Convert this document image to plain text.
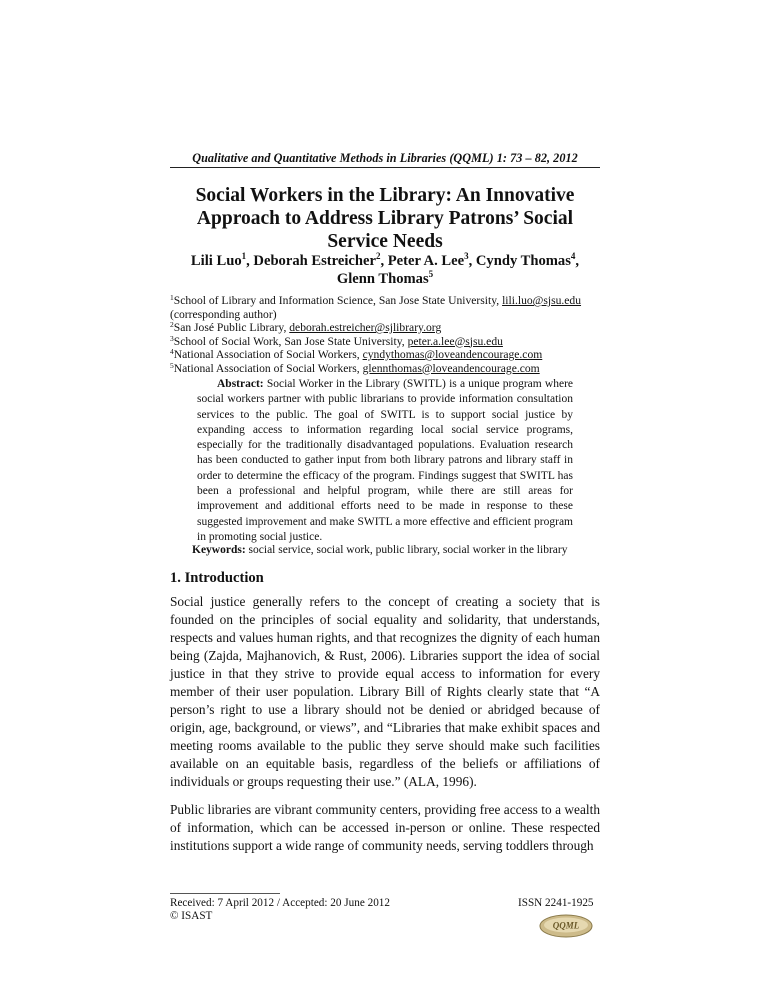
Qualitative and Quantitative Methods in Libraries (QQML) 1: 73 – 82, 2012
Social Workers in the Library: An Innovative Approach to Address Library Patrons’ Social Service Needs
Lili Luo$^1$, Deborah Estreicher$^2$, Peter A. Lee$^3$, Cyndy Thomas$^4$,
Glenn Thomas$^5$
$^1$School of Library and Information Science, San Jose State University, lili.luo@sjsu.edu
(corresponding author)
$^2$San José Public Library, deborah.estreicher@sjlibrary.org
$^3$School of Social Work, San Jose State University, peter.a.lee@sjsu.edu
$^4$National Association of Social Workers, cyndythomas@loveandencourage.com
$^5$National Association of Social Workers, glennthomas@loveandencourage.com
Abstract: Social Worker in the Library (SWITL) is a unique program where social workers partner with public librarians to provide information consultation services to the public. The goal of SWITL is to support social justice by expanding access to information regarding local social service programs, especially for the traditionally disadvantaged populations. Evaluation research has been conducted to gather input from both library patrons and library staff in order to determine the efficacy of the program. Findings suggest that SWITL has been a professional and helpful program, while there are still areas for improvement and additional efforts need to be made in response to these suggested improvement and make SWITL a more effective and efficient program in promoting social justice.
Keywords: social service, social work, public library, social worker in the library
1. Introduction
Social justice generally refers to the concept of creating a society that is founded on the principles of social equality and solidarity, that understands, respects and values human rights, and that recognizes the dignity of each human being (Zajda, Majhanovich, & Rust, 2006). Libraries support the idea of social justice in that they strive to provide equal access to information for every member of their user population. Library Bill of Rights clearly state that “A person’s right to use a library should not be denied or abridged because of origin, age, background, or views”, and “Libraries that make exhibit spaces and meeting rooms available to the public they serve should make such facilities available on an equitable basis, regardless of the beliefs or affiliations of individuals or groups requesting their use.” (ALA, 1996).
Public libraries are vibrant community centers, providing free access to a wealth of information, which can be accessed in-person or online. These respected institutions support a wide range of community needs, serving toddlers through
Received: 7 April 2012 / Accepted: 20 June 2012
© ISAST
ISSN 2241-1925
QQML
